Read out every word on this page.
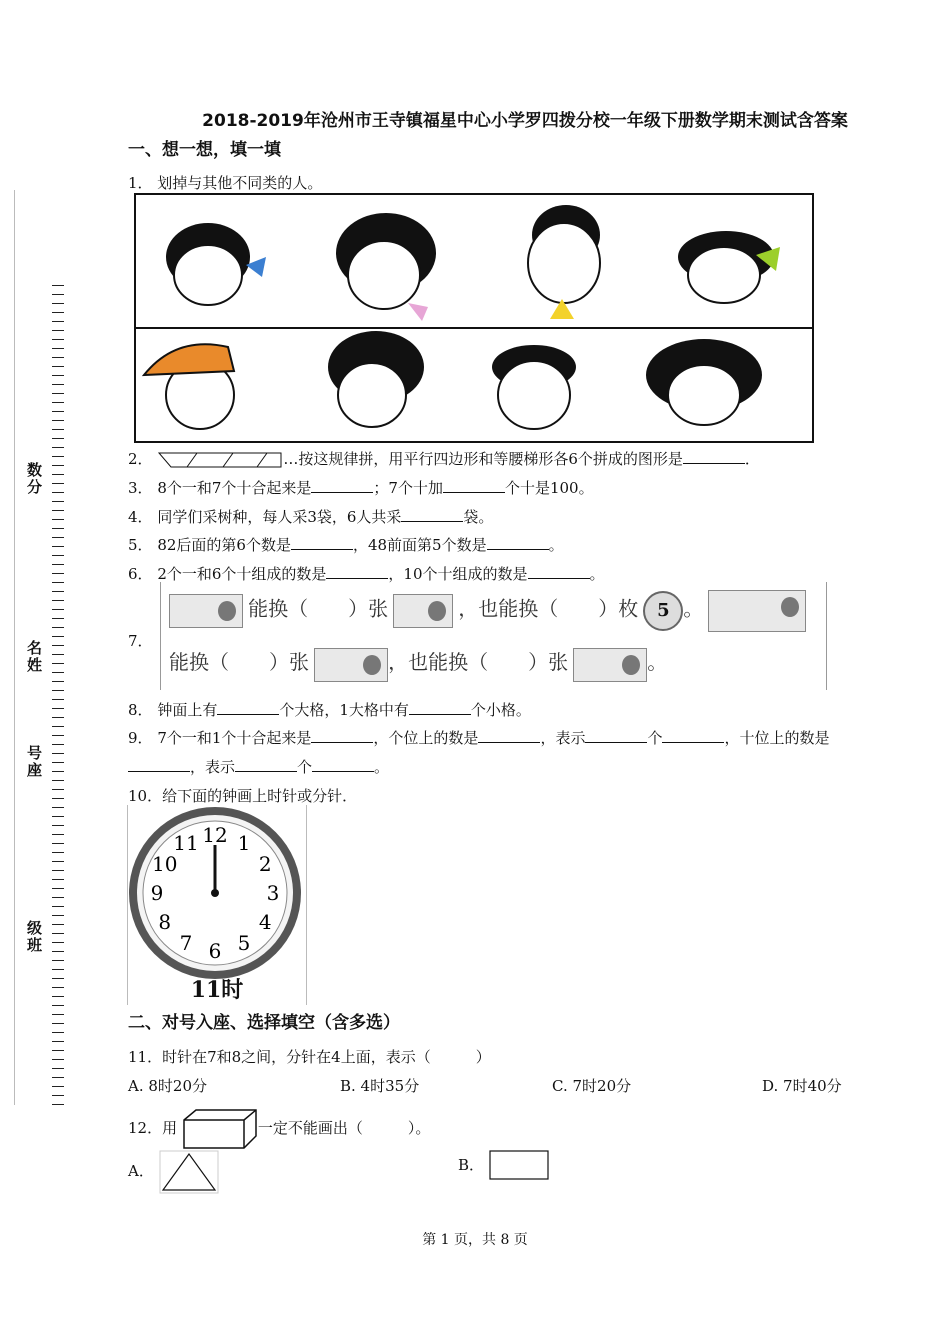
数分
名姓
号座
级班
2018-2019年沧州市王寺镇福星中心小学罗四拨分校一年级下册数学期末测试含答案
一、想一想，填一填
1． 划掉与其他不同类的人。
2．	…按这规律拼，用平行四边形和等腰梯形各6个拼成的图形是	．
3． 8个一和7个十合起来是	；7个十加	个十是100。
4． 同学们采树种，每人采3袋，6人共采	袋。
5． 82后面的第6个数是	，48前面第5个数是	。
6． 2个一和6个十组成的数是	，10个十组成的数是	。
7．
能换（　　）张	，也能换（　　）枚 5 。
能换（　　）张	，也能换（　　）张	。
8． 钟面上有	个大格，1大格中有	个小格。
9． 7个一和1个十合起来是	，个位上的数是	，表示	个	，十位上的数是
，表示	个	。
10．给下面的钟画上时针或分针．
12 1
2
3
4
5
6
7
8
9
10
11
11时
二、对号入座、选择填空（含多选）
11．时针在7和8之间，分针在4上面，表示（　　　）
A. 8时20分	B. 4时35分	C. 7时20分	D. 7时40分
12．用	一定不能画出（　　　）。
A．	B．
第 1 页，共 8 页
